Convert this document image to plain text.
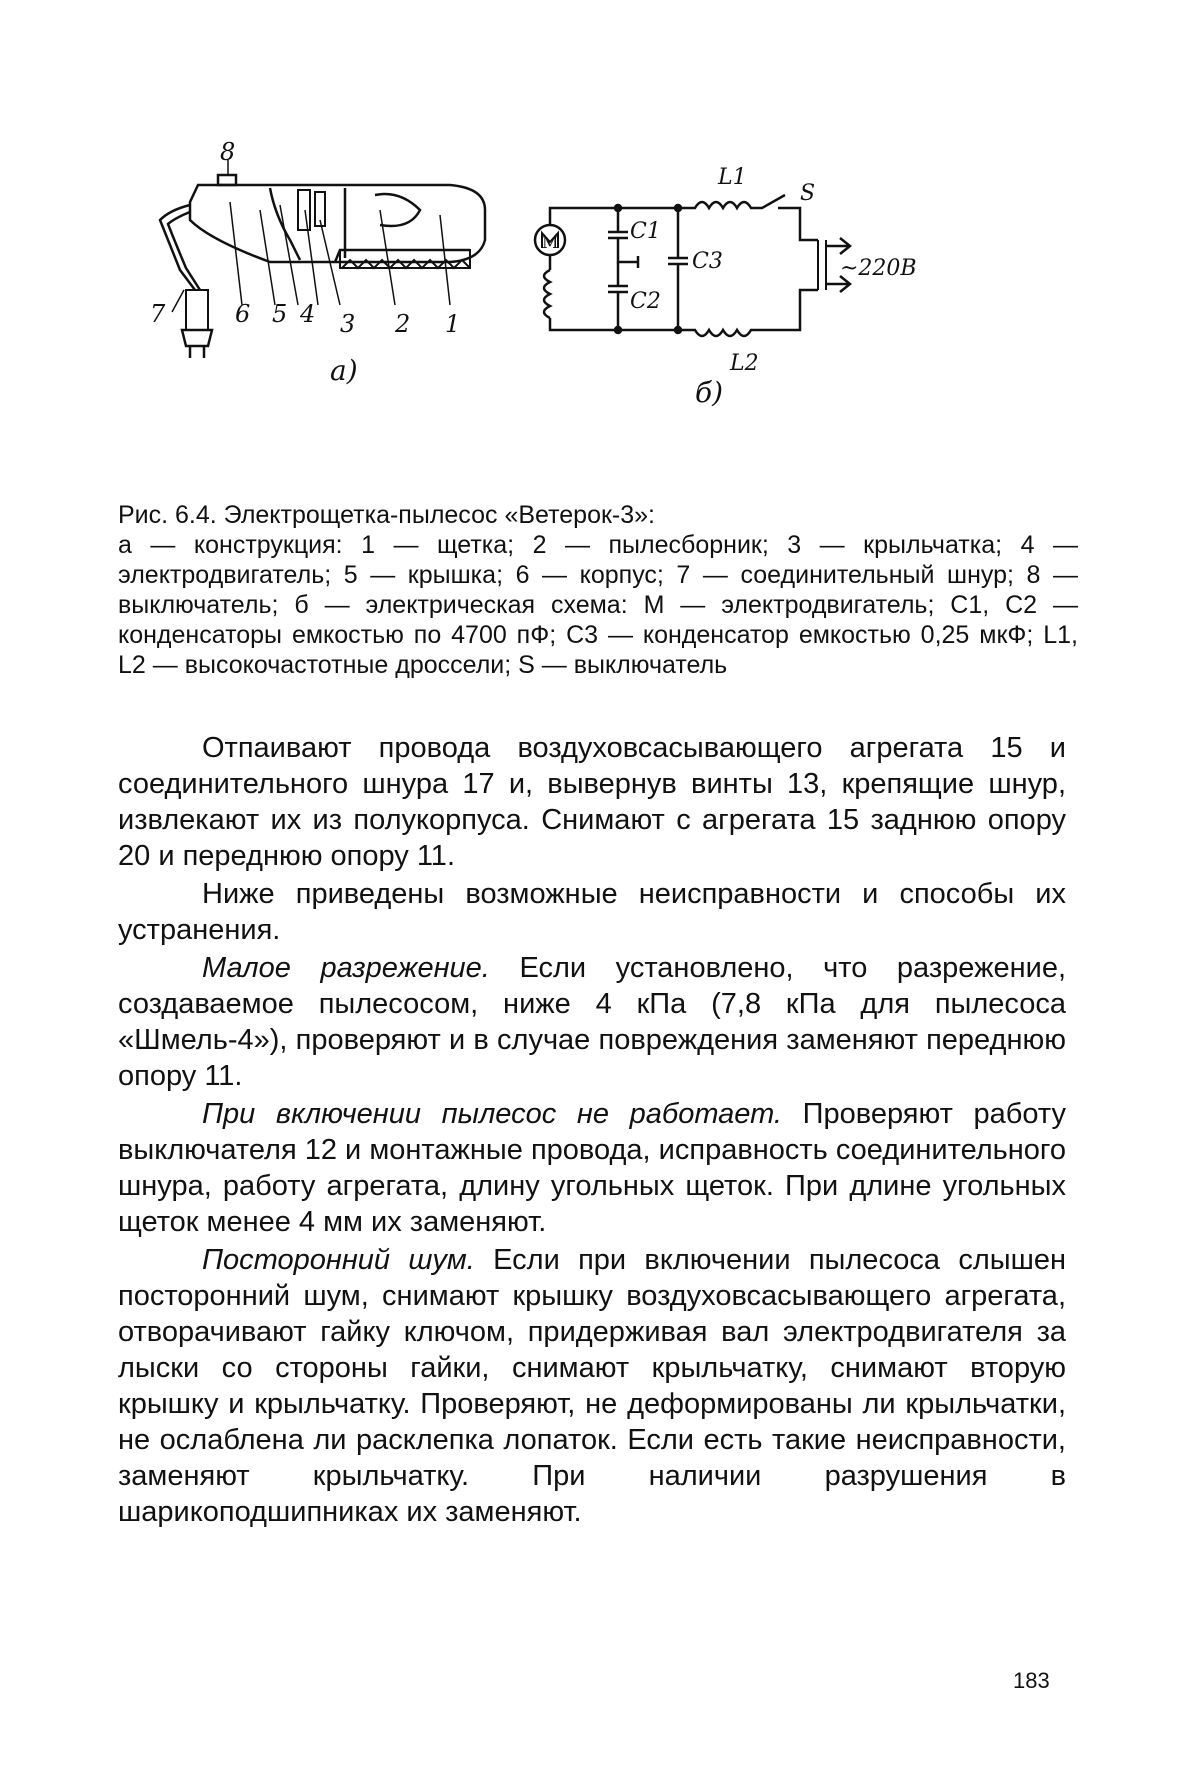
8
7	6 5 4 3 2 1
а)
M	C1
C2
C3
L1
S
~220В
L2
б)

Рис. 6.4. Электрощетка-пылесос «Ветерок-3»:

а — конструкция: 1 — щетка; 2 — пылесборник; 3 — крыльчатка; 4 — электродвигатель; 5 — крышка; 6 — корпус; 7 — соединительный шнур; 8 — выключатель; б — электрическая схема: М — электродвигатель; С1, С2 — конденсаторы емкостью по 4700 пФ; С3 — конденсатор емкостью 0,25 мкФ; L1, L2 — высокочастотные дроссели; S — выключатель

Отпаивают провода воздуховсасывающего агрегата 15 и соединительного шнура 17 и, вывернув винты 13, крепящие шнур, извлекают их из полукорпуса. Снимают с агрегата 15 заднюю опору 20 и переднюю опору 11.

Ниже приведены возможные неисправности и способы их устранения.

Малое разрежение. Если установлено, что разрежение, создаваемое пылесосом, ниже 4 кПа (7,8 кПа для пылесоса «Шмель-4»), проверяют и в случае повреждения заменяют переднюю опору 11.

При включении пылесос не работает. Проверяют работу выключателя 12 и монтажные провода, исправность соединительного шнура, работу агрегата, длину угольных щеток. При длине угольных щеток менее 4 мм их заменяют.

Посторонний шум. Если при включении пылесоса слышен посторонний шум, снимают крышку воздуховсасывающего агрегата, отворачивают гайку ключом, придерживая вал электродвигателя за лыски со стороны гайки, снимают крыльчатку, снимают вторую крышку и крыльчатку. Проверяют, не деформированы ли крыльчатки, не ослаблена ли расклепка лопаток. Если есть такие неисправности, заменяют крыльчатку. При наличии разрушения в шарикоподшипниках их заменяют.

183
